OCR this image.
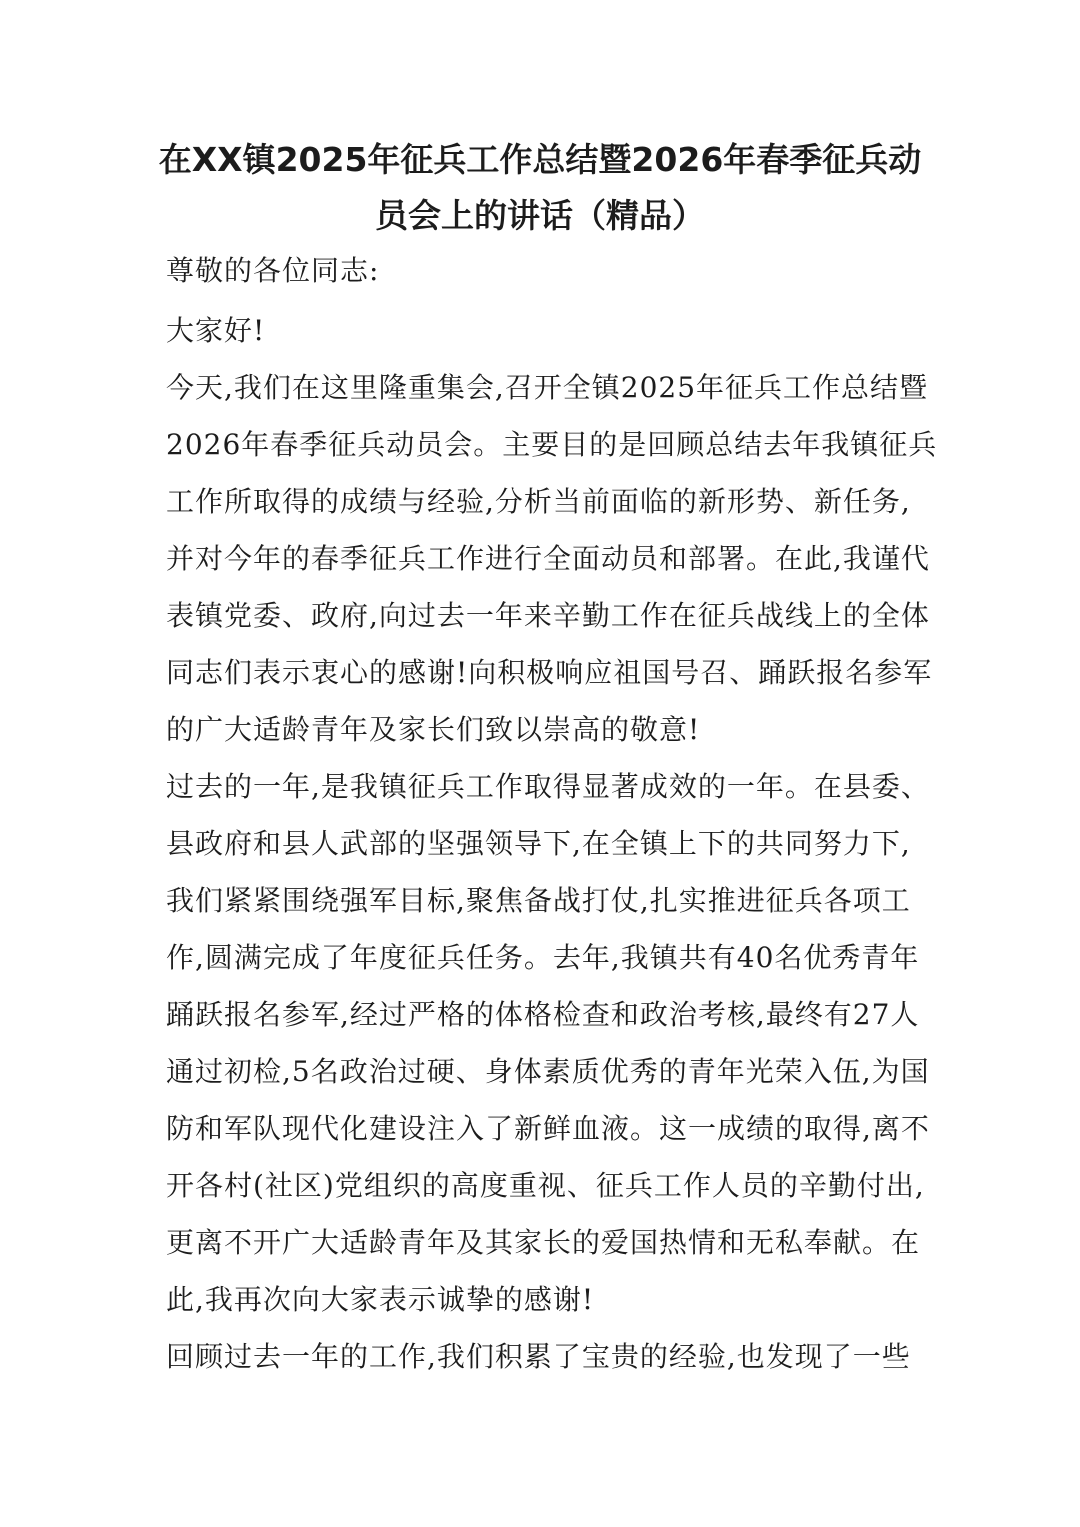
在XX镇2025年征兵工作总结暨2026年春季征兵动
员会上的讲话（精品）
尊敬的各位同志:
大家好!
今天,我们在这里隆重集会,召开全镇2025年征兵工作总结暨
2026年春季征兵动员会。主要目的是回顾总结去年我镇征兵
工作所取得的成绩与经验,分析当前面临的新形势、新任务,
并对今年的春季征兵工作进行全面动员和部署。在此,我谨代
表镇党委、政府,向过去一年来辛勤工作在征兵战线上的全体
同志们表示衷心的感谢!向积极响应祖国号召、踊跃报名参军
的广大适龄青年及家长们致以崇高的敬意!
过去的一年,是我镇征兵工作取得显著成效的一年。在县委、
县政府和县人武部的坚强领导下,在全镇上下的共同努力下,
我们紧紧围绕强军目标,聚焦备战打仗,扎实推进征兵各项工
作,圆满完成了年度征兵任务。去年,我镇共有40名优秀青年
踊跃报名参军,经过严格的体格检查和政治考核,最终有27人
通过初检,5名政治过硬、身体素质优秀的青年光荣入伍,为国
防和军队现代化建设注入了新鲜血液。这一成绩的取得,离不
开各村(社区)党组织的高度重视、征兵工作人员的辛勤付出,
更离不开广大适龄青年及其家长的爱国热情和无私奉献。在
此,我再次向大家表示诚挚的感谢!
回顾过去一年的工作,我们积累了宝贵的经验,也发现了一些
